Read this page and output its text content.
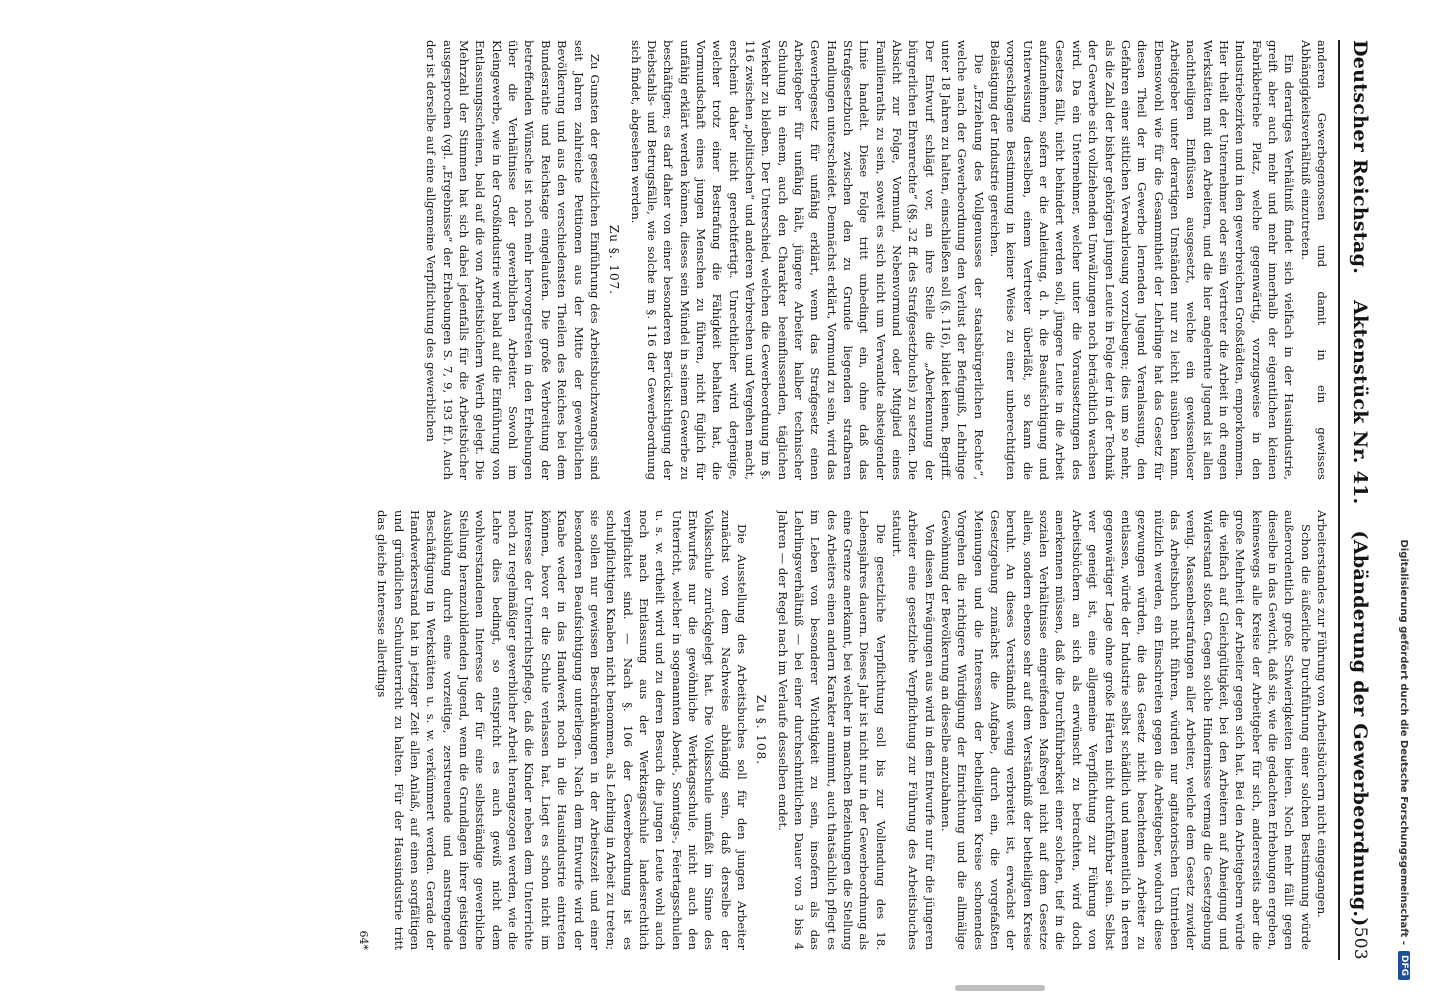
Deutscher Reichstag.
Aktenstück Nr. 41.
(Abänderung der Gewerbeordnung.)
503

anderen Gewerbegenossen und damit in ein gewisses Abhängigkeitsverhältniß einzutreten.

Ein derartiges Verhältniß findet sich vielfach in der Hausindustrie, greift aber auch mehr und mehr innerhalb der eigentlichen kleinen Fabrikbetriebe Platz, welche gegenwärtig, vorzugsweise in den Industriebezirken und in den gewerbreichen Großstädten, emporkommen. Hier theilt der Unternehmer oder sein Vertreter die Arbeit in oft engen Werkstätten mit den Arbeitern, und die hier angelernte Jugend ist allen nachtheiligen Einflüssen ausgesetzt, welche ein gewissenloser Arbeitgeber unter derartigen Umständen nur zu leicht ausüben kann. Ebensowohl wie für die Gesammtheit der Lehrlinge hat das Gesetz für diesen Theil der im Gewerbe lernenden Jugend Veranlassung, den Gefahren einer sittlichen Verwahrlosung vorzubeugen; dies um so mehr, als die Zahl der bisher gehörigen jungen Leute in Folge der in der Technik der Gewerbe sich vollziehenden Umwälzungen noch beträchtlich wachsen wird. Da ein Unternehmer, welcher unter die Voraussetzungen des Gesetzes fällt, nicht behindert werden soll, jüngere Leute in die Arbeit aufzunehmen, sofern er die Anleitung, d. h. die Beaufsichtigung und Unterweisung derselben, einem Vertreter überläßt, so kann die vorgeschlagene Bestimmung in keiner Weise zu einer unberechtigten Belästigung der Industrie gereichen.

Die „Erziehung des Vollgenusses der staatsbürgerlichen Rechte“, welche nach der Gewerbeordnung den Verlust der Befugniß, Lehrlinge unter 18 Jahren zu halten, einschließen soll (§. 116), bildet keinen, Begriff. Der Entwurf schlägt vor, an ihre Stelle die „Aberkennung der bürgerlichen Ehrenrechte“ (§§. 32 ff. des Strafgesetzbuchs) zu setzen. Die Absicht zur Folge, Vormund, Nebenvormund oder Mitglied eines Familienraths zu sein, soweit es sich nicht um Verwandte absteigender Linie handelt. Diese Folge tritt unbedingt ein, ohne daß das Strafgesetzbuch zwischen den zu Grunde liegenden strafbaren Handlungen unterscheidet. Demnächst erklärt, Vormund zu sein, wird das Gewerbegesetz für unfähig erklärt, wenn das Strafgesetz einen Arbeitgeber für unfähig hält, jüngere Arbeiter halber technischer Schulung in einem, auch den Charakter beeinflussenden, täglichen Verkehr zu bleiben. Der Unterschied, welchen die Gewerbeordnung im §. 116 zwischen „politischen“ und anderen Verbrechen und Vergehen macht, erscheint daher nicht gerechtfertigt. Unrechtlicher wird derjenige, welcher trotz einer Bestrafung die Fähigkeit behalten hat, die Vormundschaft eines jungen Menschen zu führen, nicht füglich für unfähig erklärt werden können, dieses sein Mündel in seinem Gewerbe zu beschäftigen; es darf daher von einer besonderen Berücksichtigung der Diebstahls- und Betrugsfälle, wie solche im §. 116 der Gewerbeordnung sich findet, abgesehen werden.

Zu §. 107.

Zu Gunsten der gesetzlichen Einführung des Arbeitsbuchzwanges sind seit Jahren zahlreiche Petitionen aus der Mitte der gewerblichen Bevölkerung und aus den verschiedensten Theilen des Reiches bei dem Bundesrathe und Reichstage eingelaufen. Die große Verbreitung der betreffenden Wünsche ist noch mehr hervorgetreten in den Erhebungen über die Verhältnisse der gewerblichen Arbeiter. Sowohl im Kleingewerbe, wie in der Großindustrie wird bald auf die Einführung von Entlassungsscheinen, bald auf die von Arbeitsbüchern Werth gelegt. Die Mehrzahl der Stimmen hat sich dabei jedenfalls für die Arbeitsbücher ausgesprochen (vgl. „Ergebnisse“ der Erhebungen S. 7, 9, 193 ff.). Auch der ist derselbe auf eine allgemeine Verpflichtung des gewerblichen

Arbeiterstandes zur Führung von Arbeitsbüchern nicht eingegangen.

Schon die äußerliche Durchführung einer solchen Bestimmung würde außerordentlich große Schwierigkeiten bieten. Noch mehr fällt gegen dieselbe in das Gewicht, daß sie, wie die gedachten Erhebungen ergeben, keineswegs alle Kreise der Arbeitgeber für sich, andererseits aber die große Mehrheit der Arbeiter gegen sich hat. Bei den Arbeitgebern würde die vielfach auf Gleichgültigkeit, bei den Arbeitern auf Abneigung und Widerstand stoßen. Gegen solche Hindernisse vermag die Gesetzgebung wenig. Massenbestrafungen aller Arbeiter, welche dem Gesetz zuwider das Arbeitsbuch nicht führen, würden nur agitatorischen Umtrieben nützlich werden, ein Einschreiten gegen die Arbeitgeber, wodurch diese gezwungen würden, die das Gesetz nicht beachtenden Arbeiter zu entlassen, würde der Industrie selbst schädlich und namentlich in deren gegenwärtiger Lage ohne große Härten nicht durchführbar sein. Selbst wer geneigt ist, eine allgemeine Verpflichtung zur Führung von Arbeitsbüchern an sich als erwünscht zu betrachten, wird doch anerkennen müssen, daß die Durchführbarkeit einer solchen, tief in die sozialen Verhältnisse eingreifenden Maßregel nicht auf dem Gesetze allein, sondern ebenso sehr auf dem Verständniß der betheiligten Kreise beruht. An dieses Verständniß wenig verbreitet ist, erwächst der Gesetzgebung zunächst die Aufgabe, durch ein, die vorgefaßten Meinungen und die Interessen der betheiligten Kreise schonendes Vorgehen die richtigere Würdigung der Einrichtung und die allmälige Gewöhnung der Bevölkerung an dieselbe anzubahnen.

Von diesen Erwägungen aus wird in dem Entwurfe nur für die jüngeren Arbeiter eine gesetzliche Verpflichtung zur Führung des Arbeitsbuches statuirt.

Die gesetzliche Verpflichtung soll bis zur Vollendung des 18. Lebensjahres dauern. Dieses Jahr ist nicht nur in der Gewerbeordnung als eine Grenze anerkannt, bei welcher in manchen Beziehungen die Stellung des Arbeiters einen andern Karakter annimmt, auch thatsächlich pflegt es im Leben von besonderer Wichtigkeit zu sein, insofern als das Lehrlingsverhältniß — bei einer durchschnittlichen Dauer von 3 bis 4 Jahren — der Regel nach im Verlaufe desselben endet.

Zu §. 108.

Die Ausstellung des Arbeitsbuches soll für den jungen Arbeiter zunächst von dem Nachweise abhängig sein, daß derselbe der Volksschule zurückgelegt hat. Die Volksschule umfaßt im Sinne des Entwurfes nur die gewöhnliche Werktagsschule, nicht auch den Unterricht, welcher in sogenannten Abend-, Sonntags-, Feiertagsschulen u. s. w. ertheilt wird und zu deren Besuch die jungen Leute wohl auch noch nach Entlassung aus der Werktagsschule landesrechtlich verpflichtet sind. — Nach §. 106 der Gewerbeordnung ist es schulpflichtigen Knaben nicht benommen, als Lehrling in Arbeit zu treten; sie sollen nur gewissen Beschränkungen in der Arbeitszeit und einer besonderen Beaufsichtigung unterliegen. Nach dem Entwurfe wird der Knabe weder in das Handwerk noch in die Hausindustrie eintreten können, bevor er die Schule verlassen hat. Liegt es schon nicht im Interesse der Unterrichtspflege, daß die Kinder neben dem Unterrichte noch zu regelmäßiger gewerblicher Arbeit herangezogen werden, wie die Lehre dies bedingt, so entspricht es auch gewiß nicht dem wohlverstandenen Interesse der für eine selbstständige gewerbliche Stellung heranzubildenden Jugend, wenn die Grundlagen ihrer geistigen Ausbildung durch eine vorzeitige, zerstreuende und anstrengende Beschäftigung in Werkstätten u. s. w. verkümmert werden. Gerade der Handwerkerstand hat in jetziger Zeit allen Anlaß, auf einen sorgfältigen und gründlichen Schulunterricht zu halten. Für der Hausindustrie tritt das gleiche Interesse allerdings

64*	Digitalisierung gefördert durch die Deutsche Forschungsgemeinschaft -
DFG
